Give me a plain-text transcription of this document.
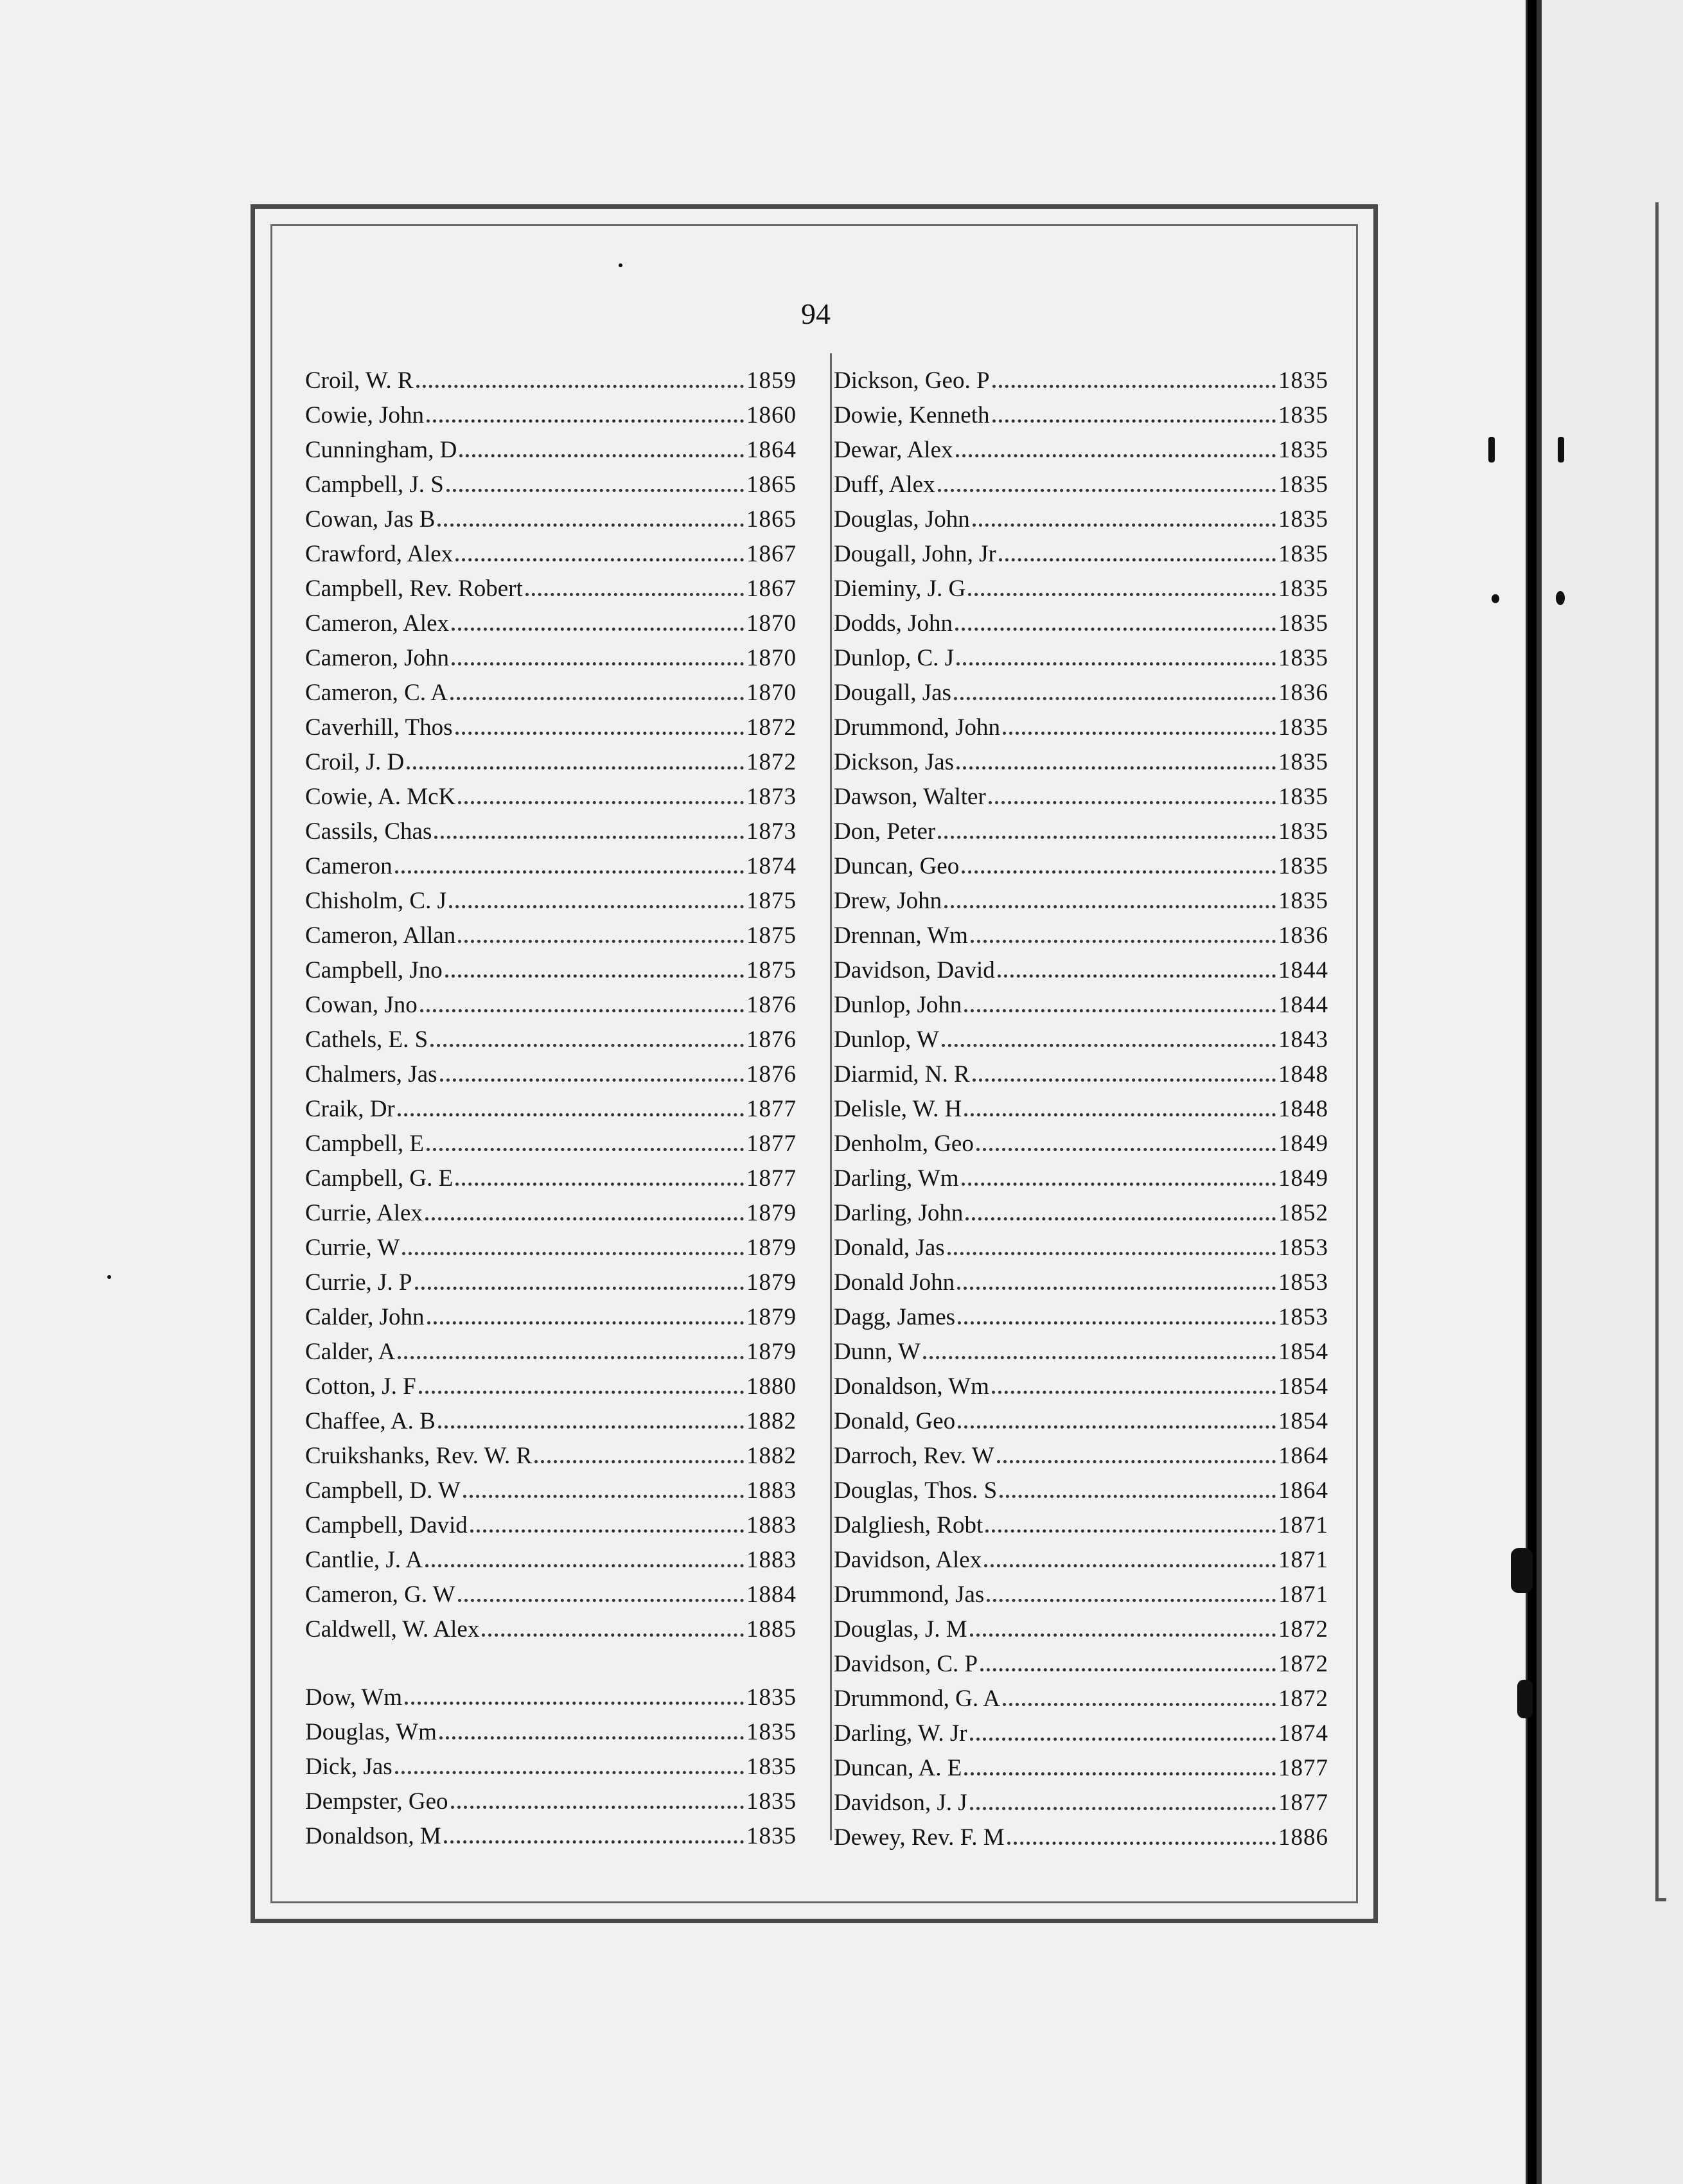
94
Croil, W. R	1859
Cowie, John	1860
Cunningham, D	1864
Campbell, J. S	1865
Cowan, Jas B	1865
Crawford, Alex	1867
Campbell, Rev. Robert	1867
Cameron, Alex	1870
Cameron, John	1870
Cameron, C. A	1870
Caverhill, Thos	1872
Croil, J. D	1872
Cowie, A. McK	1873
Cassils, Chas	1873
Cameron	1874
Chisholm, C. J	1875
Cameron, Allan	1875
Campbell, Jno	1875
Cowan, Jno	1876
Cathels, E. S	1876
Chalmers, Jas	1876
Craik, Dr	1877
Campbell, E	1877
Campbell, G. E	1877
Currie, Alex	1879
Currie, W	1879
Currie, J. P	1879
Calder, John	1879
Calder, A	1879
Cotton, J. F	1880
Chaffee, A. B	1882
Cruikshanks, Rev. W. R	1882
Campbell, D. W	1883
Campbell, David	1883
Cantlie, J. A	1883
Cameron, G. W	1884
Caldwell, W. Alex	1885
Dow, Wm	1835
Douglas, Wm	1835
Dick, Jas	1835
Dempster, Geo	1835
Donaldson, M	1835
Dickson, Geo. P	1835
Dowie, Kenneth	1835
Dewar, Alex	1835
Duff, Alex	1835
Douglas, John	1835
Dougall, John, Jr	1835
Dieminy, J. G	1835
Dodds, John	1835
Dunlop, C. J	1835
Dougall, Jas	1836
Drummond, John	1835
Dickson, Jas	1835
Dawson, Walter	1835
Don, Peter	1835
Duncan, Geo	1835
Drew, John	1835
Drennan, Wm	1836
Davidson, David	1844
Dunlop, John	1844
Dunlop, W	1843
Diarmid, N. R	1848
Delisle, W. H	1848
Denholm, Geo	1849
Darling, Wm	1849
Darling, John	1852
Donald, Jas	1853
Donald John	1853
Dagg, James	1853
Dunn, W	1854
Donaldson, Wm	1854
Donald, Geo	1854
Darroch, Rev. W	1864
Douglas, Thos. S	1864
Dalgliesh, Robt	1871
Davidson, Alex	1871
Drummond, Jas	1871
Douglas, J. M	1872
Davidson, C. P	1872
Drummond, G. A	1872
Darling, W. Jr	1874
Duncan, A. E	1877
Davidson, J. J	1877
Dewey, Rev. F. M	1886
